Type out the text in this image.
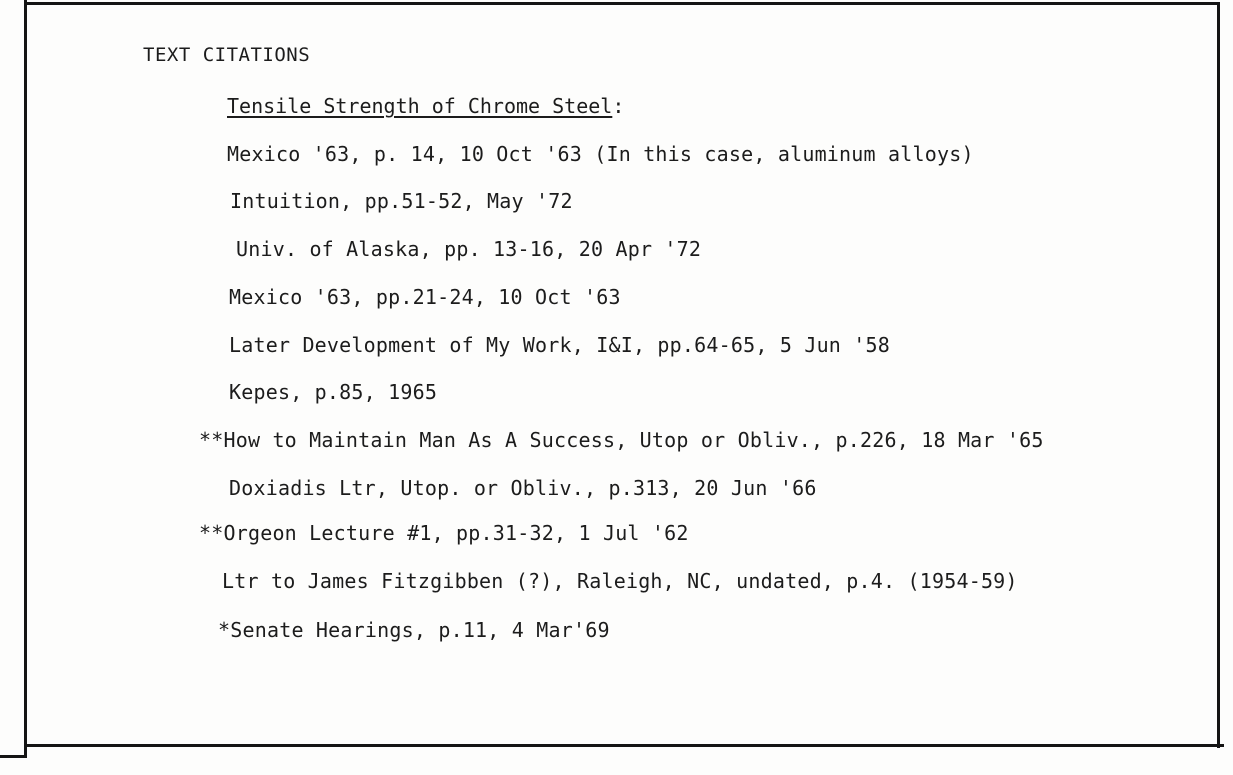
TEXT CITATIONS
Tensile Strength of Chrome Steel:
Mexico '63, p. 14, 10 Oct '63 (In this case, aluminum alloys)
Intuition, pp.51-52, May '72
Univ. of Alaska, pp. 13-16, 20 Apr '72
Mexico '63, pp.21-24, 10 Oct '63
Later Development of My Work, I&I, pp.64-65, 5 Jun '58
Kepes, p.85, 1965
**How to Maintain Man As A Success, Utop or Obliv., p.226, 18 Mar '65
Doxiadis Ltr, Utop. or Obliv., p.313, 20 Jun '66
**Orgeon Lecture #1, pp.31-32, 1 Jul '62
Ltr to James Fitzgibben (?), Raleigh, NC, undated, p.4. (1954-59)
*Senate Hearings, p.11, 4 Mar'69
